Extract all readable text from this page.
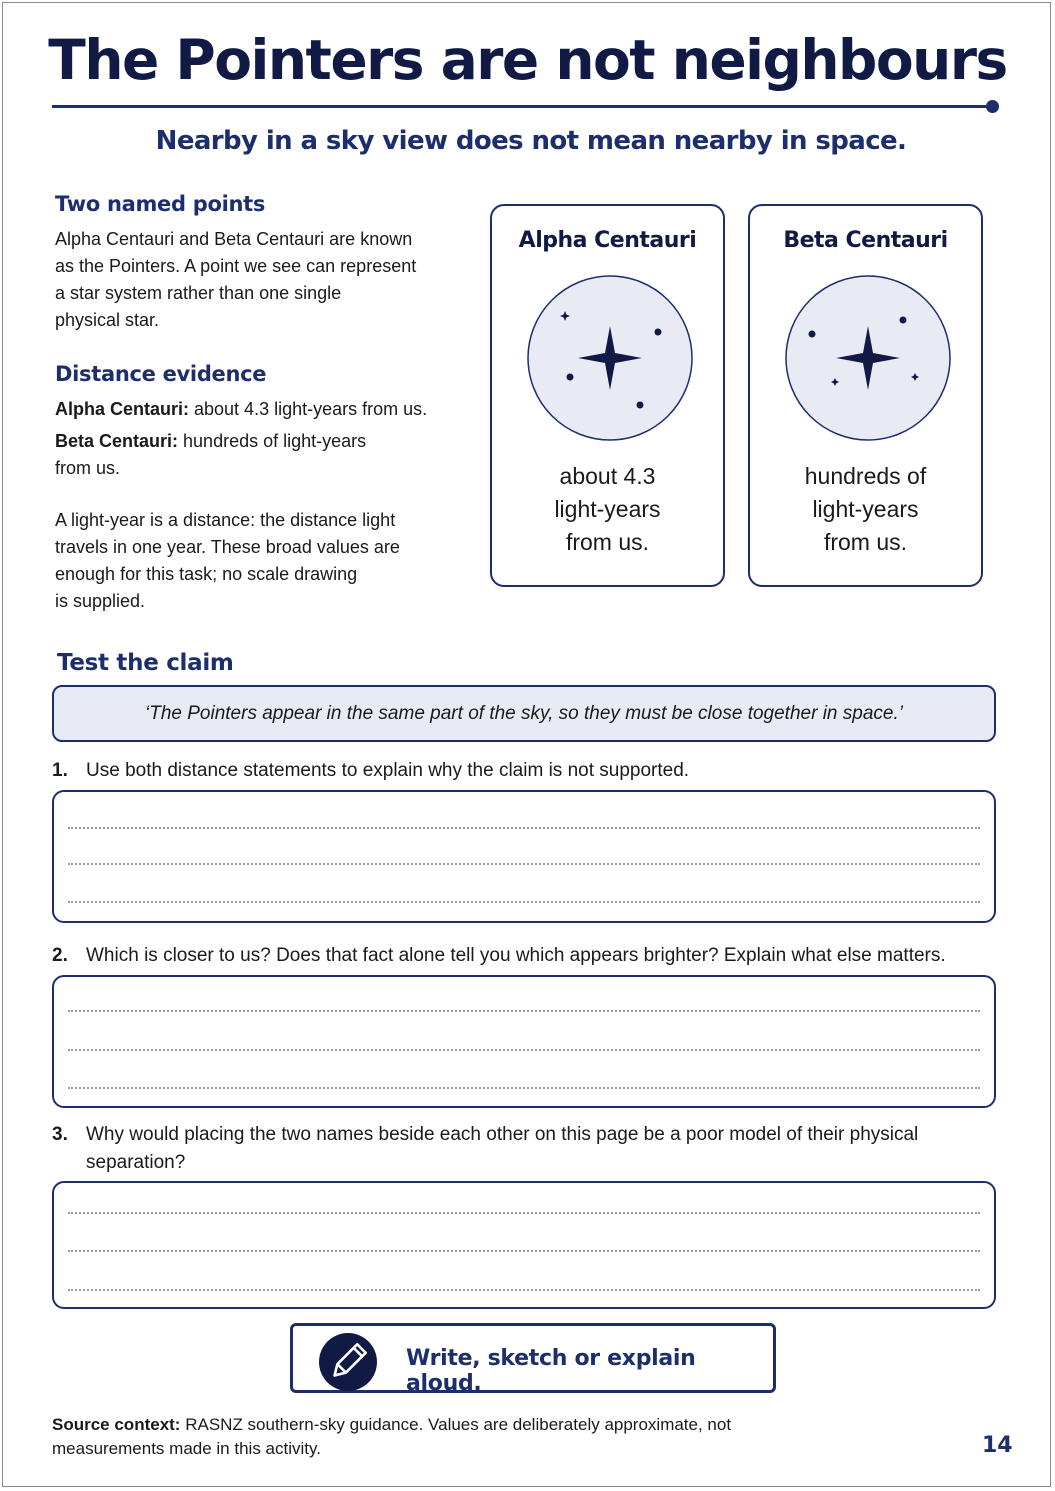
The Pointers are not neighbours
Nearby in a sky view does not mean nearby in space.
Two named points
Alpha Centauri and Beta Centauri are known
as the Pointers. A point we see can represent
a star system rather than one single
physical star.
Distance evidence
Alpha Centauri: about 4.3 light-years from us.
Beta Centauri: hundreds of light-years
from us.
A light-year is a distance: the distance light
travels in one year. These broad values are
enough for this task; no scale drawing
is supplied.
Alpha Centauri
about 4.3
light-years
from us.
Beta Centauri
hundreds of
light-years
from us.
Test the claim
‘The Pointers appear in the same part of the sky, so they must be close together in space.’
1. Use both distance statements to explain why the claim is not supported.
2. Which is closer to us? Does that fact alone tell you which appears brighter? Explain what else matters.
3. Why would placing the two names beside each other on this page be a poor model of their physical separation?
Write, sketch or explain aloud.
Source context: RASNZ southern-sky guidance. Values are deliberately approximate, not measurements made in this activity.	14
